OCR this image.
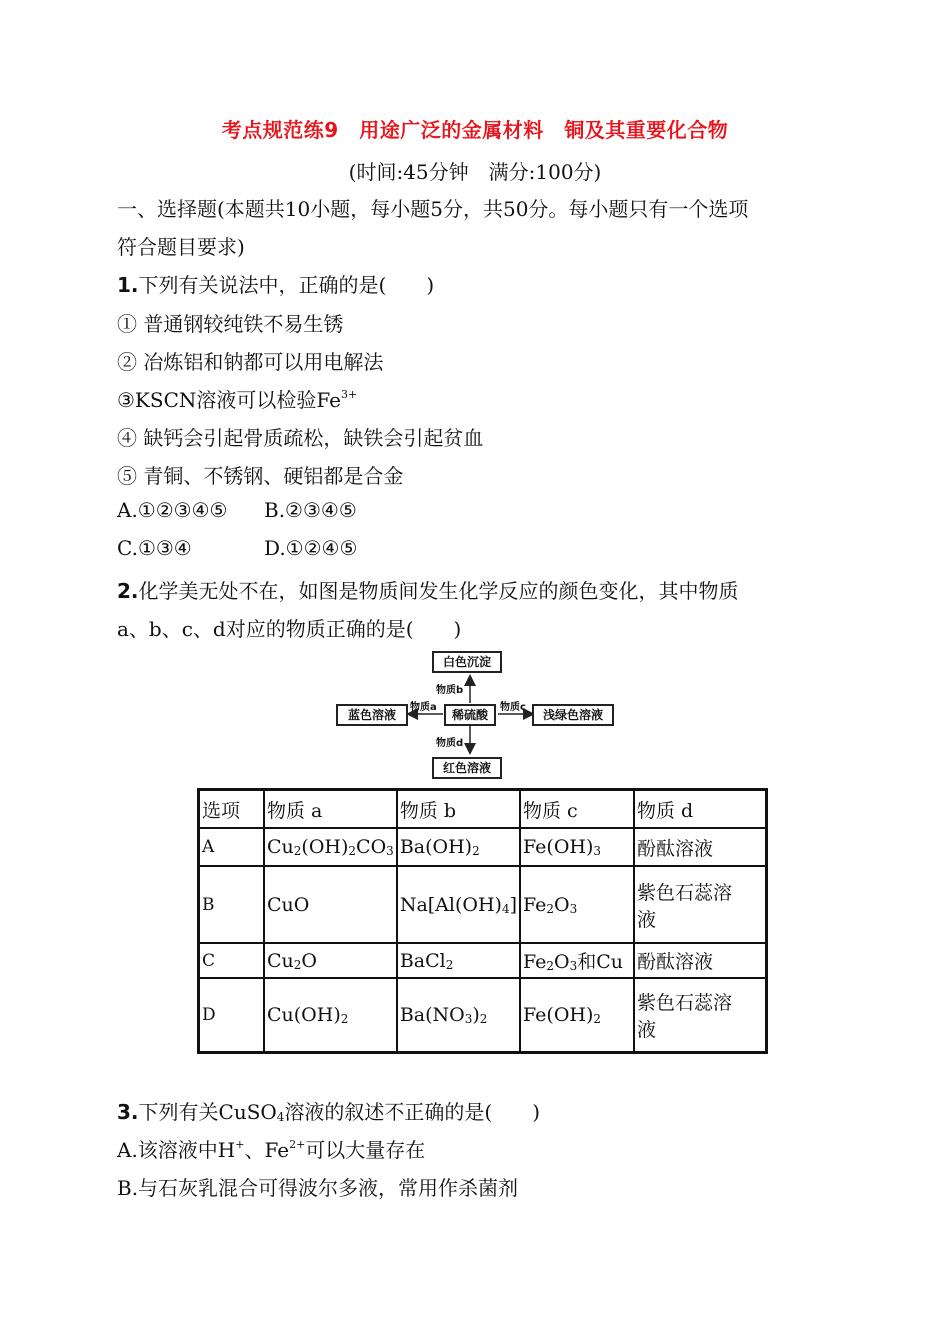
考点规范练9　用途广泛的金属材料　铜及其重要化合物
(时间:45分钟　满分:100分)
一、选择题(本题共10小题，每小题5分，共50分。每小题只有一个选项
符合题目要求)
1.下列有关说法中，正确的是(　　)
① 普通钢较纯铁不易生锈
② 冶炼铝和钠都可以用电解法
③KSCN溶液可以检验$Fe^{3+}$
④ 缺钙会引起骨质疏松，缺铁会引起贫血
⑤ 青铜、不锈钢、硬铝都是合金
A.①②③④⑤ B.②③④⑤
C.①③④	D.①②④⑤
2.化学美无处不在，如图是物质间发生化学反应的颜色变化，其中物质
a、b、c、d对应的物质正确的是(　　)
白色沉淀
稀硫酸
蓝色溶液	浅绿色溶液
红色溶液
物质b
物质a	物质c
物质d
选项	物质 a	物质 b	物质 c	物质 d
A	$Cu_2(OH)_2CO_3$	$Ba(OH)_2$	$Fe(OH)_3$	酚酞溶液
B	CuO	$Na[Al(OH)_4]$	$Fe_2O_3$	紫色石蕊溶
液

C	$Cu_2O$	BaCl$_2$	$Fe_2O_3$和Cu	酚酞溶液
D	$Cu(OH)_2$	$Ba(NO_3)_2$	$Fe(OH)_2$	紫色石蕊溶
液
3.下列有关CuSO$_4$溶液的叙述不正确的是(　　)
A.该溶液中H+、$Fe^{2+}$可以大量存在
B.与石灰乳混合可得波尔多液，常用作杀菌剂
